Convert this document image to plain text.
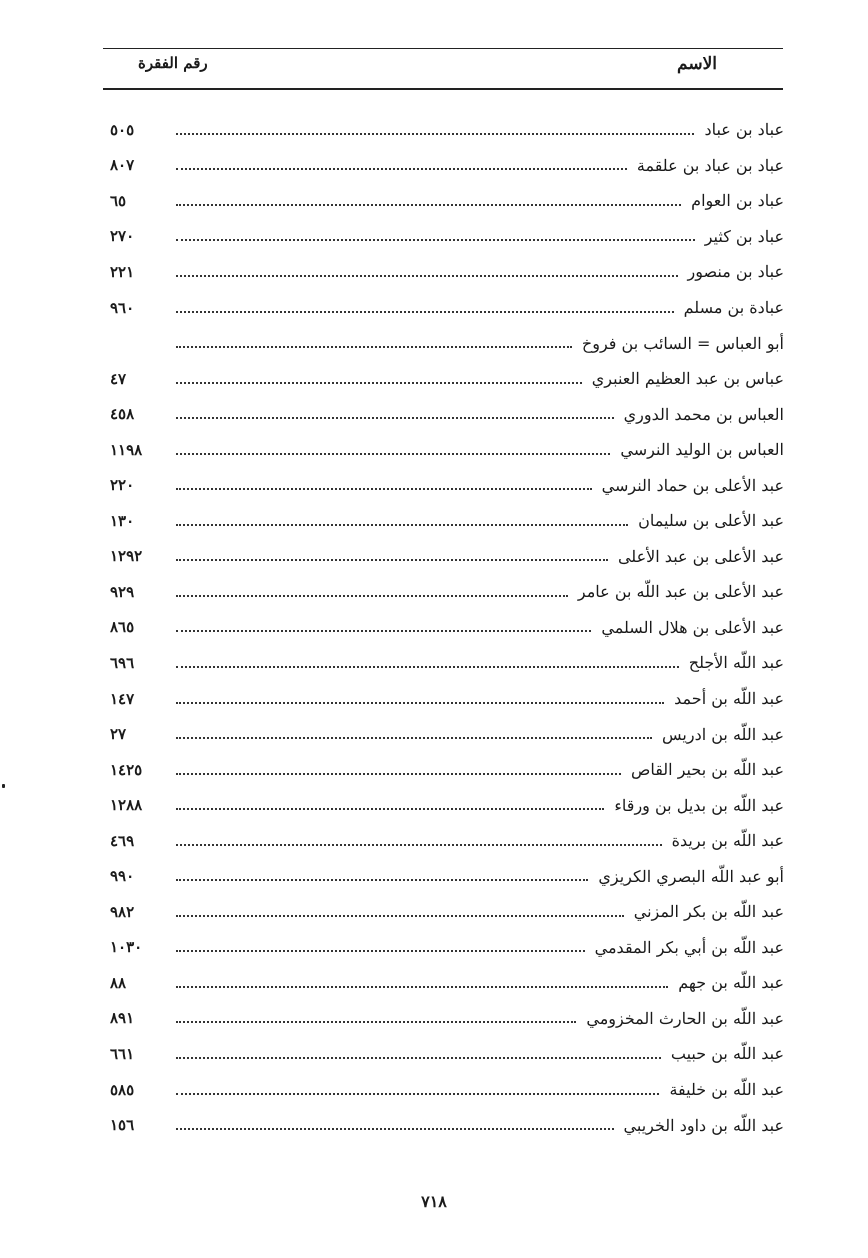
الاسم
رقم الفقرة
عباد بن عباد
٥٠٥
عباد بن عباد بن علقمة
٨٠٧
عباد بن العوام
٦٥
عباد بن كثير
٢٧٠
عباد بن منصور
٢٢١
عبادة بن مسلم
٩٦٠
أبو العباس = السائب بن فروخ
عباس بن عبد العظيم العنبري
٤٧
العباس بن محمد الدوري
٤٥٨
العباس بن الوليد النرسي
١١٩٨
عبد الأعلى بن حماد النرسي
٢٢٠
عبد الأعلى بن سليمان
١٣٠
عبد الأعلى بن عبد الأعلى
١٢٩٢
عبد الأعلى بن عبد اللّه بن عامر
٩٢٩
عبد الأعلى بن هلال السلمي
٨٦٥
عبد اللّه الأجلح
٦٩٦
عبد اللّه بن أحمد
١٤٧
عبد اللّه بن ادريس
٢٧
عبد اللّه بن بحير القاص
١٤٢٥
عبد اللّه بن بديل بن ورقاء
١٢٨٨
عبد اللّه بن بريدة
٤٦٩
أبو عبد اللّه البصري الكريزي
٩٩٠
عبد اللّه بن بكر المزني
٩٨٢
عبد اللّه بن أبي بكر المقدمي
١٠٣٠
عبد اللّه بن جهم
٨٨
عبد اللّه بن الحارث المخزومي
٨٩١
عبد اللّه بن حبيب
٦٦١
عبد اللّه بن خليفة
٥٨٥
عبد اللّه بن داود الخريبي
١٥٦
٧١٨
